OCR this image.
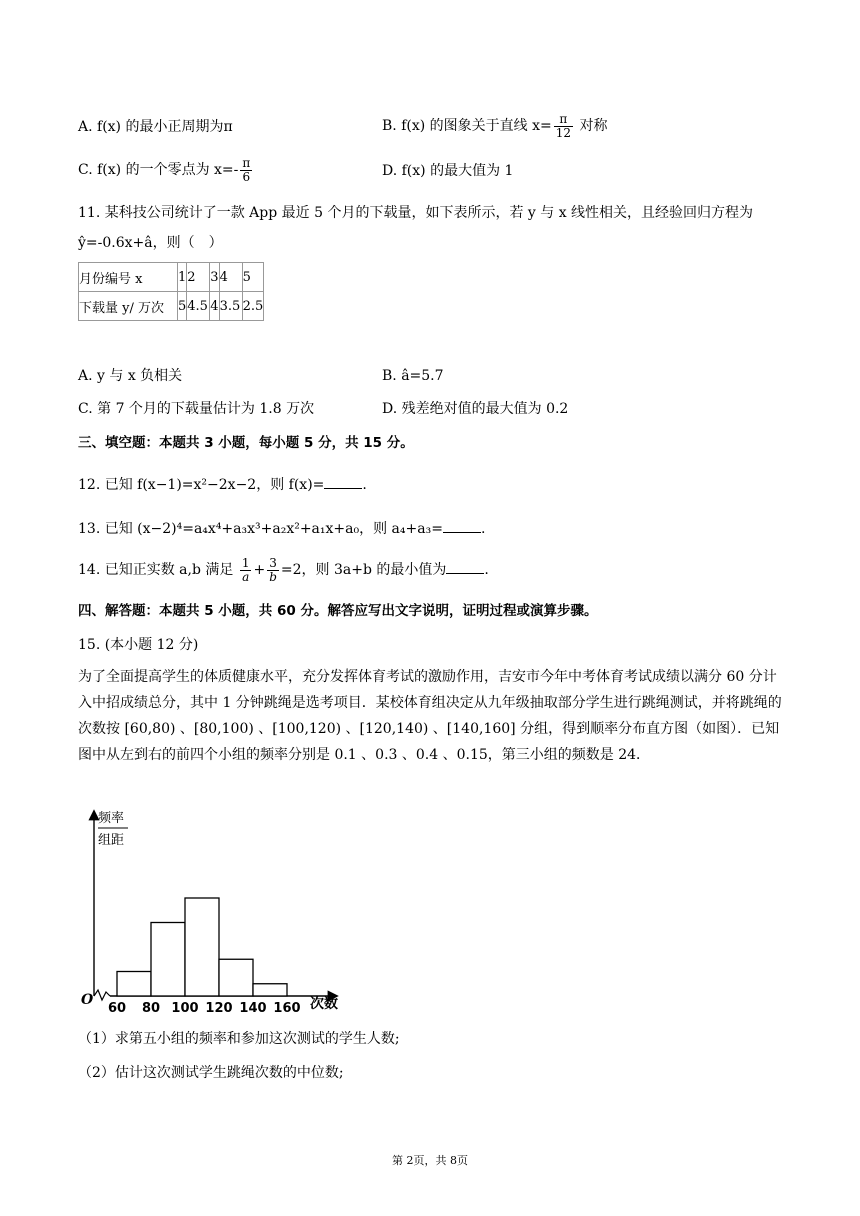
A. f(x) 的最小正周期为π	B. f(x) 的图象关于直线 $x= \frac{\pi}{12}$ 对称
C. f(x) 的一个零点为 $x=- \frac{\pi}{6}$	D. f(x) 的最大值为 1
11. 某科技公司统计了一款 App 最近 5 个月的下载量，如下表所示，若 y 与 x 线性相关，且经验回归方程为
ŷ=-0.6x+â，则（　）
月份编号 x	1	2	3	4	5
下载量 y/ 万次	5	4.5	4	3.5	2.5
A. y 与 x 负相关	B. â=5.7
C. 第 7 个月的下载量估计为 1.8 万次	D. 残差绝对值的最大值为 0.2
三、填空题：本题共 3 小题，每小题 5 分，共 15 分。
12. 已知 f(x−1)=x²−2x−2，则 f(x)=	.
13. 已知 (x−2)⁴=a₄x⁴+a₃x³+a₂x²+a₁x+a₀，则 a₄+a₃=	.
14. 已知正实数 a,b 满足 $\frac{1}{a} + \frac{3}{b} =2$，则 3a+b 的最小值为	.
四、解答题：本题共 5 小题，共 60 分。解答应写出文字说明，证明过程或演算步骤。
15. (本小题 12 分)
为了全面提高学生的体质健康水平，充分发挥体育考试的激励作用，吉安市今年中考体育考试成绩以满分 60 分计入中招成绩总分，其中 1 分钟跳绳是选考项目．某校体育组决定从九年级抽取部分学生进行跳绳测试，并将跳绳的次数按 [60,80) 、[80,100) 、[100,120) 、[120,140) 、[140,160] 分组，得到顺率分布直方图（如图）．已知图中从左到右的前四个小组的频率分别是 0.1 、0.3 、0.4 、0.15，第三小组的频数是 24．
频率
组距
O	次数
60 80 100 120 140 160
（1）求第五小组的频率和参加这次测试的学生人数;
（2）估计这次测试学生跳绳次数的中位数;
第 2页，共 8页
